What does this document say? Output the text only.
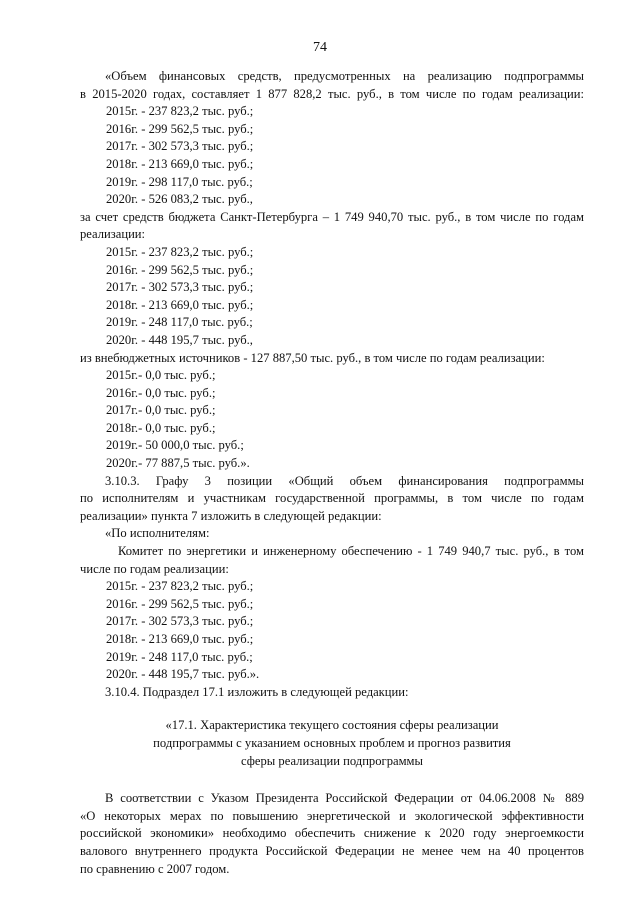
74

«Объем финансовых средств, предусмотренных на реализацию подпрограммы

в 2015-2020 годах, составляет 1 877 828,2 тыс. руб., в том числе по годам реализации:

2015г. - 237 823,2 тыс. руб.;

2016г. - 299 562,5 тыс. руб.;

2017г. - 302 573,3 тыс. руб.;

2018г. - 213 669,0 тыс. руб.;

2019г. - 298 117,0 тыс. руб.;

2020г. - 526 083,2 тыс. руб.,

за счет средств бюджета Санкт-Петербурга – 1 749 940,70 тыс. руб., в том числе по годам

реализации:

2015г. - 237 823,2 тыс. руб.;

2016г. - 299 562,5 тыс. руб.;

2017г. - 302 573,3 тыс. руб.;

2018г. - 213 669,0 тыс. руб.;

2019г. - 248 117,0 тыс. руб.;

2020г. - 448 195,7 тыс. руб.,

из внебюджетных источников - 127 887,50 тыс. руб., в том числе по годам реализации:

2015г.- 0,0 тыс. руб.;

2016г.- 0,0 тыс. руб.;

2017г.- 0,0 тыс. руб.;

2018г.- 0,0 тыс. руб.;

2019г.- 50 000,0 тыс. руб.;

2020г.- 77 887,5 тыс. руб.».

3.10.3. Графу 3 позиции «Общий объем финансирования подпрограммы

по исполнителям и участникам государственной программы, в том числе по годам

реализации» пункта 7 изложить в следующей редакции:

«По исполнителям:

Комитет по энергетики и инженерному обеспечению - 1 749 940,7 тыс. руб., в том

числе по годам реализации:

2015г. - 237 823,2 тыс. руб.;

2016г. - 299 562,5 тыс. руб.;

2017г. - 302 573,3 тыс. руб.;

2018г. - 213 669,0 тыс. руб.;

2019г. - 248 117,0 тыс. руб.;

2020г. - 448 195,7 тыс. руб.».

3.10.4. Подраздел 17.1 изложить в следующей редакции:

«17.1. Характеристика текущего состояния сферы реализации

подпрограммы с указанием основных проблем и прогноз развития

сферы реализации подпрограммы

В соответствии с Указом Президента Российской Федерации от 04.06.2008 № 889

«О некоторых мерах по повышению энергетической и экологической эффективности

российской экономики» необходимо обеспечить снижение к 2020 году энергоемкости

валового внутреннего продукта Российской Федерации не менее чем на 40 процентов

по сравнению с 2007 годом.
